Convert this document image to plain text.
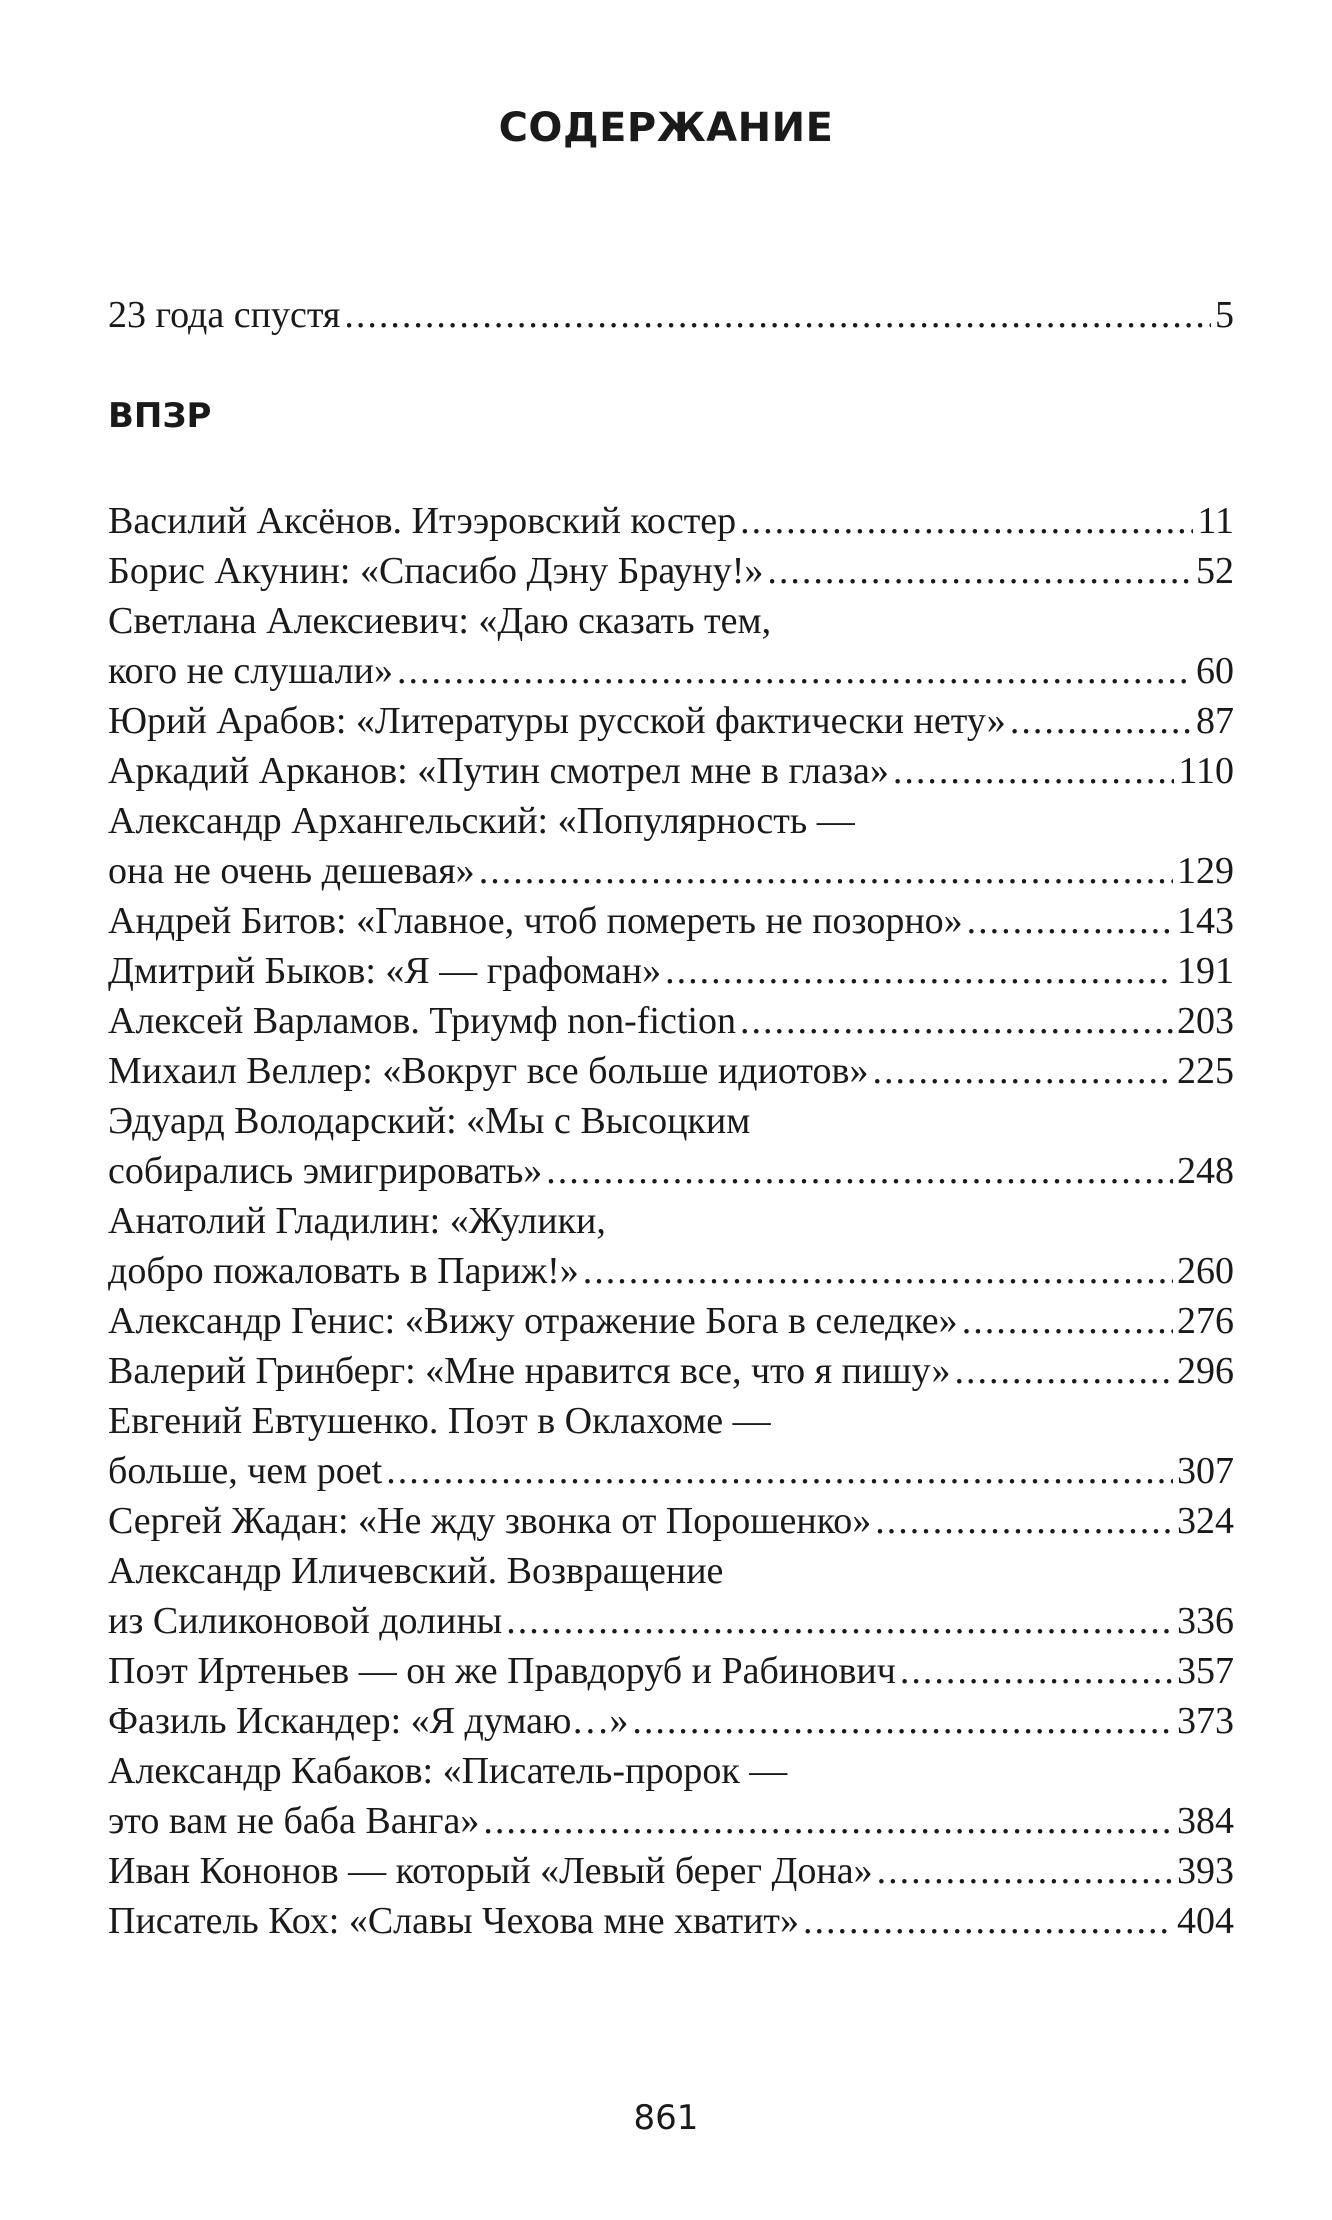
СОДЕРЖАНИЕ
23 года спустя .....	5
ВПЗР
Василий Аксёнов. Итээровский костер .....	11
Борис Акунин: «Спасибо Дэну Брауну!» .....	52
Светлана Алексиевич: «Даю сказать тем,
кого не слушали» .....	60
Юрий Арабов: «Литературы русской фактически нету» .....	87
Аркадий Арканов: «Путин смотрел мне в глаза» .....	110
Александр Архангельский: «Популярность —
она не очень дешевая» .....	129
Андрей Битов: «Главное, чтоб помереть не позорно» .....	143
Дмитрий Быков: «Я — графоман» .....	191
Алексей Варламов. Триумф non-fiction .....	203
Михаил Веллер: «Вокруг все больше идиотов» .....	225
Эдуард Володарский: «Мы с Высоцким
собирались эмигрировать» .....	248
Анатолий Гладилин: «Жулики,
добро пожаловать в Париж!» .....	260
Александр Генис: «Вижу отражение Бога в селедке» .....	276
Валерий Гринберг: «Мне нравится все, что я пишу» .....	296
Евгений Евтушенко. Поэт в Оклахоме —
больше, чем poet .....	307
Сергей Жадан: «Не жду звонка от Порошенко» .....	324
Александр Иличевский. Возвращение
из Силиконовой долины .....	336
Поэт Иртеньев — он же Правдоруб и Рабинович .....	357
Фазиль Искандер: «Я думаю…» .....	373
Александр Кабаков: «Писатель-пророк —
это вам не баба Ванга» .....	384
Иван Кононов — который «Левый берег Дона» .....	393
Писатель Кох: «Славы Чехова мне хватит» .....	404
861
